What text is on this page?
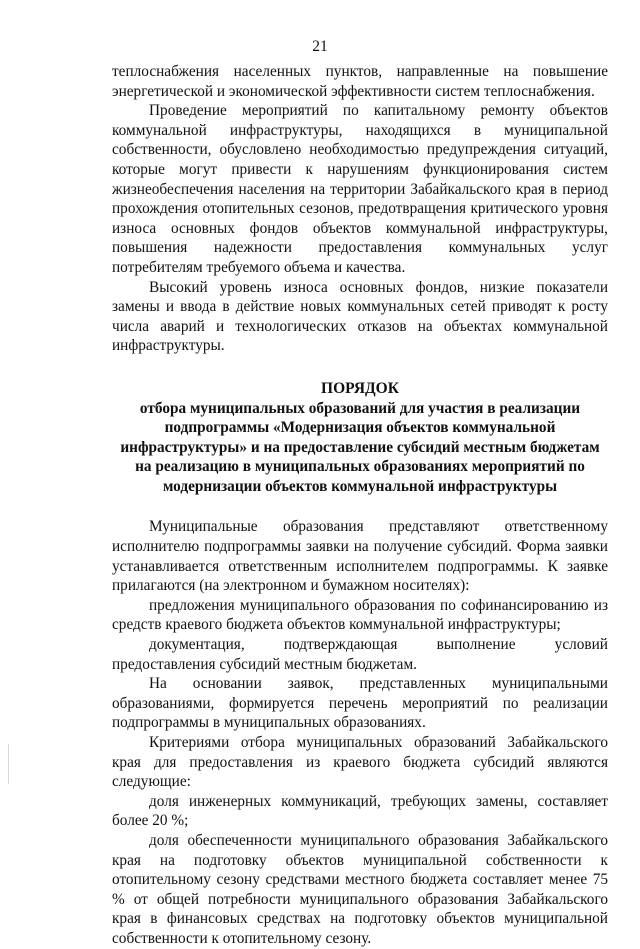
21

теплоснабжения населенных пунктов, направленные на повышение энергетической и экономической эффективности систем теплоснабжения.

Проведение мероприятий по капитальному ремонту объектов коммунальной инфраструктуры, находящихся в муниципальной собственности, обусловлено необходимостью предупреждения ситуаций, которые могут привести к нарушениям функционирования систем жизнеобеспечения населения на территории Забайкальского края в период прохождения отопительных сезонов, предотвращения критического уровня износа основных фондов объектов коммунальной инфраструктуры, повышения надежности предоставления коммунальных услуг потребителям требуемого объема и качества.

Высокий уровень износа основных фондов, низкие показатели замены и ввода в действие новых коммунальных сетей приводят к росту числа аварий и технологических отказов на объектах коммунальной инфраструктуры.

ПОРЯДОК

отбора муниципальных образований для участия в реализации подпрограммы «Модернизация объектов коммунальной инфраструктуры» и на предоставление субсидий местным бюджетам на реализацию в муниципальных образованиях мероприятий по модернизации объектов коммунальной инфраструктуры

Муниципальные образования представляют ответственному исполнителю подпрограммы заявки на получение субсидий. Форма заявки устанавливается ответственным исполнителем подпрограммы. К заявке прилагаются (на электронном и бумажном носителях):

предложения муниципального образования по софинансированию из средств краевого бюджета объектов коммунальной инфраструктуры;

документация, подтверждающая выполнение условий предоставления субсидий местным бюджетам.

На основании заявок, представленных муниципальными образованиями, формируется перечень мероприятий по реализации подпрограммы в муниципальных образованиях.

Критериями отбора муниципальных образований Забайкальского края для предоставления из краевого бюджета субсидий являются следующие:

доля инженерных коммуникаций, требующих замены, составляет более 20 %;

доля обеспеченности муниципального образования Забайкальского края на подготовку объектов муниципальной собственности к отопительному сезону средствами местного бюджета составляет менее 75 % от общей потребности муниципального образования Забайкальского края в финансовых средствах на подготовку объектов муниципальной собственности к отопительному сезону.
